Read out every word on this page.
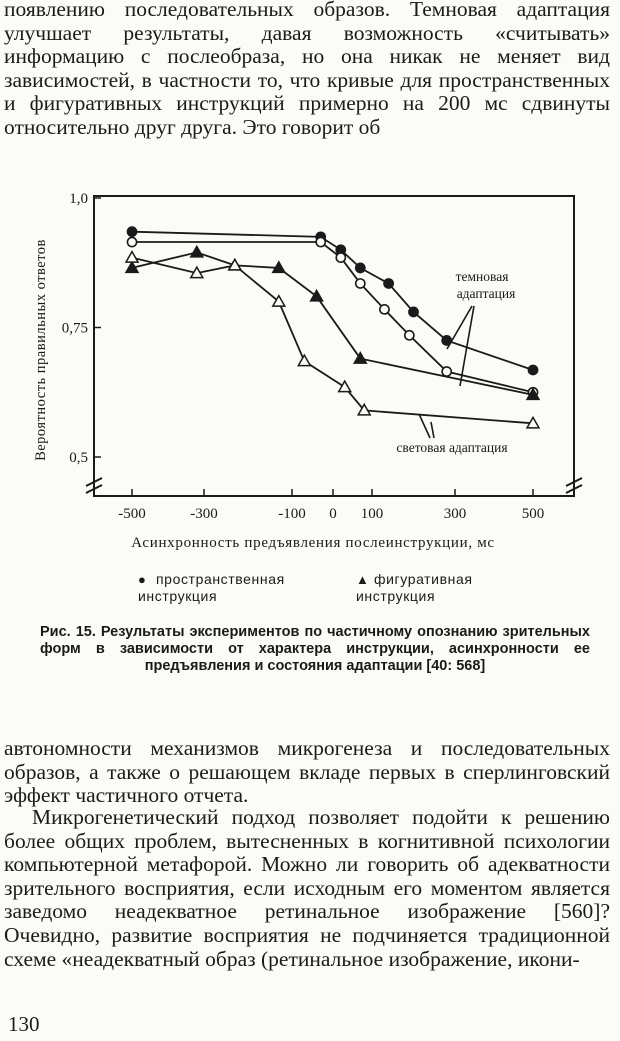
появлению последовательных образов. Темновая адаптация улучшает результаты, давая возможность «считывать» информацию с послеобраза, но она никак не меняет вид зависимостей, в частности то, что кривые для пространственных и фигуративных инструкций примерно на 200 мс сдвинуты относительно друг друга. Это говорит об

0,5
0,75
1,0
-500	-300	-100 0 100	300	500
Вероятность правильных ответов
Асинхронность предъявления послеинструкции, мс
темновая
адаптация
световая адаптация
● пространственная инструкция
▲ фигуративная инструкция

Рис. 15. Результаты экспериментов по частичному опознанию зрительных форм в зависимости от характера инструкции, асинхронности ее предъявления и состояния адаптации [40: 568]

автономности механизмов микрогенеза и последовательных образов, а также о решающем вкладе первых в сперлинговский эффект частичного отчета.

Микрогенетический подход позволяет подойти к решению более общих проблем, вытесненных в когнитивной психологии компьютерной метафорой. Можно ли говорить об адекватности зрительного восприятия, если исходным его моментом является заведомо неадекватное ретинальное изображение [560]? Очевидно, развитие восприятия не подчиняется традиционной схеме «неадекватный образ (ретинальное изображение, икони-

130
